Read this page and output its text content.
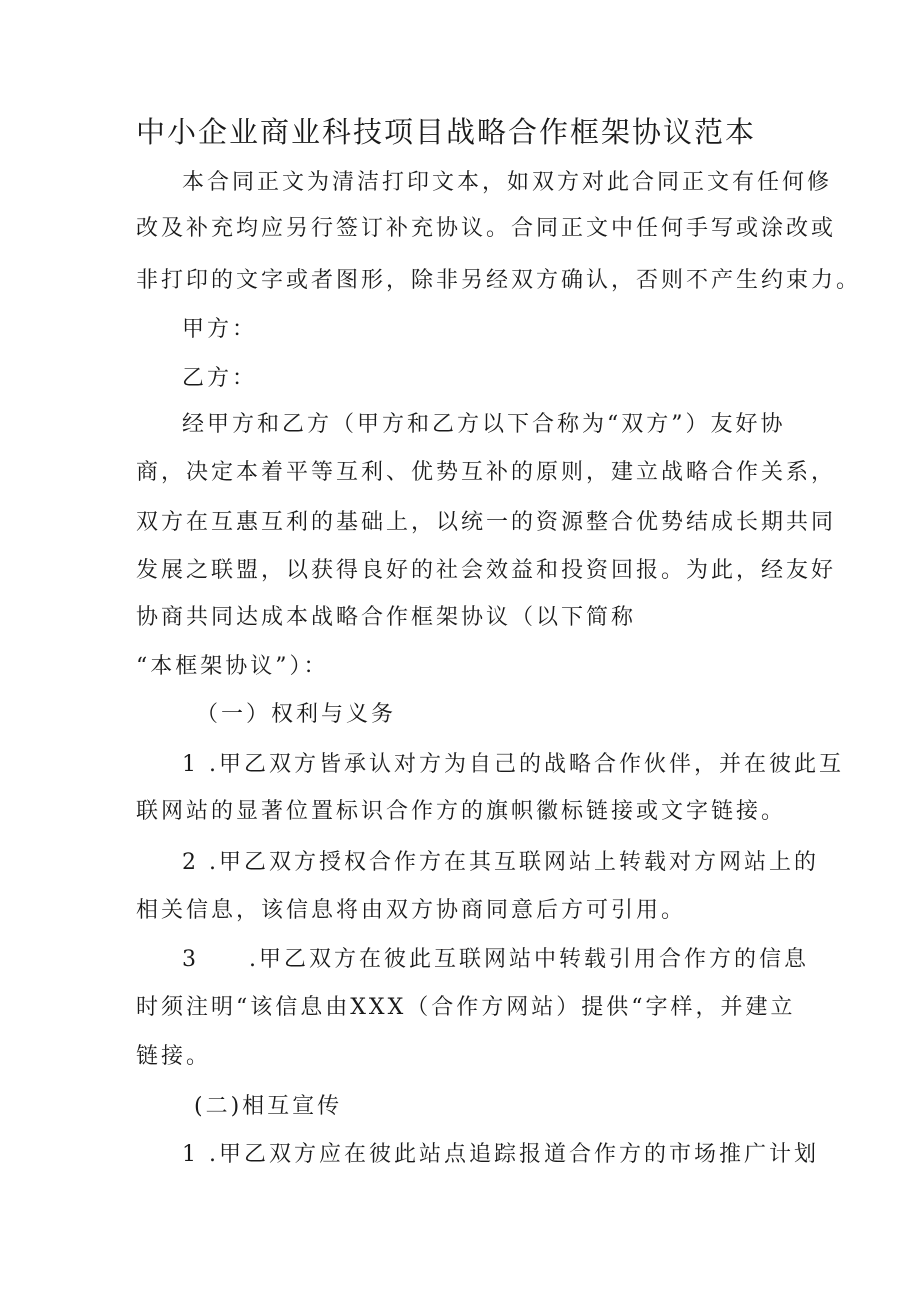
中小企业商业科技项目战略合作框架协议范本
本合同正文为清洁打印文本，如双方对此合同正文有任何修
改及补充均应另行签订补充协议。合同正文中任何手写或涂改或
非打印的文字或者图形，除非另经双方确认，否则不产生约束力。
甲方：
乙方：
经甲方和乙方（甲方和乙方以下合称为“双方”）友好协
商，决定本着平等互利、优势互补的原则，建立战略合作关系，
双方在互惠互利的基础上，以统一的资源整合优势结成长期共同
发展之联盟，以获得良好的社会效益和投资回报。为此，经友好
协商共同达成本战略合作框架协议（以下简称
“本框架协议”）：
（一）权利与义务
1 .甲乙双方皆承认对方为自己的战略合作伙伴，并在彼此互
联网站的显著位置标识合作方的旗帜徽标链接或文字链接。
2 .甲乙双方授权合作方在其互联网站上转载对方网站上的
相关信息，该信息将由双方协商同意后方可引用。
3　　.甲乙双方在彼此互联网站中转载引用合作方的信息
时须注明“该信息由XXX（合作方网站）提供“字样，并建立
链接。
(二)相互宣传
1 .甲乙双方应在彼此站点追踪报道合作方的市场推广计划
